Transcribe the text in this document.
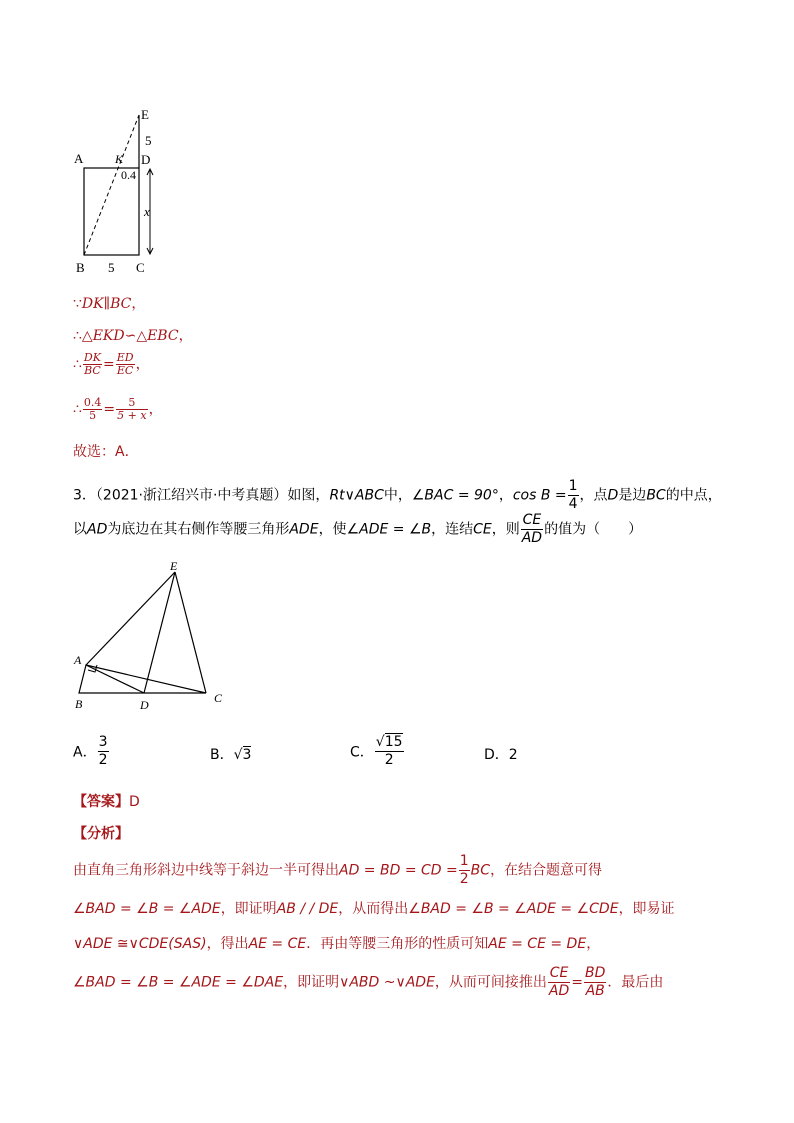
E
5
A	K D
0.4
x
B 5 C
∵DK∥BC，
∴△EKD∽△EBC，
∴ $\frac{DK}{BC} = \frac{ED}{EC}$ ，
∴ $\frac{0.4}{5} = \frac{5}{5 + x}$ ，
故选：A．
3．（2021·浙江绍兴市·中考真题）如图，Rt∨ABC中，∠BAC = 90°，$\cos B = \frac{1}{4}$ ，点D是边BC的中点，
以AD为底边在其右侧作等腰三角形ADE，使∠ADE = ∠B，连结CE，则 $\frac{CE}{AD}$ 的值为（　　）
E
A
B	D	C
A． $\frac{3}{2}$	B．√3	C． $\frac{√15}{2}$	D．2
【答案】D
【分析】
由直角三角形斜边中线等于斜边一半可得出AD = BD = CD = $\frac{1}{2}$ BC，在结合题意可得
∠BAD = ∠B = ∠ADE，即证明AB / / DE，从而得出∠BAD = ∠B = ∠ADE = ∠CDE，即易证
∨ADE ≅∨CDE(SAS)，得出AE = CE．再由等腰三角形的性质可知AE = CE = DE，
∠BAD = ∠B = ∠ADE = ∠DAE，即证明∨ABD ~∨ADE，从而可间接推出 $\frac{CE}{AD} = \frac{BD}{AB}$ ．最后由
